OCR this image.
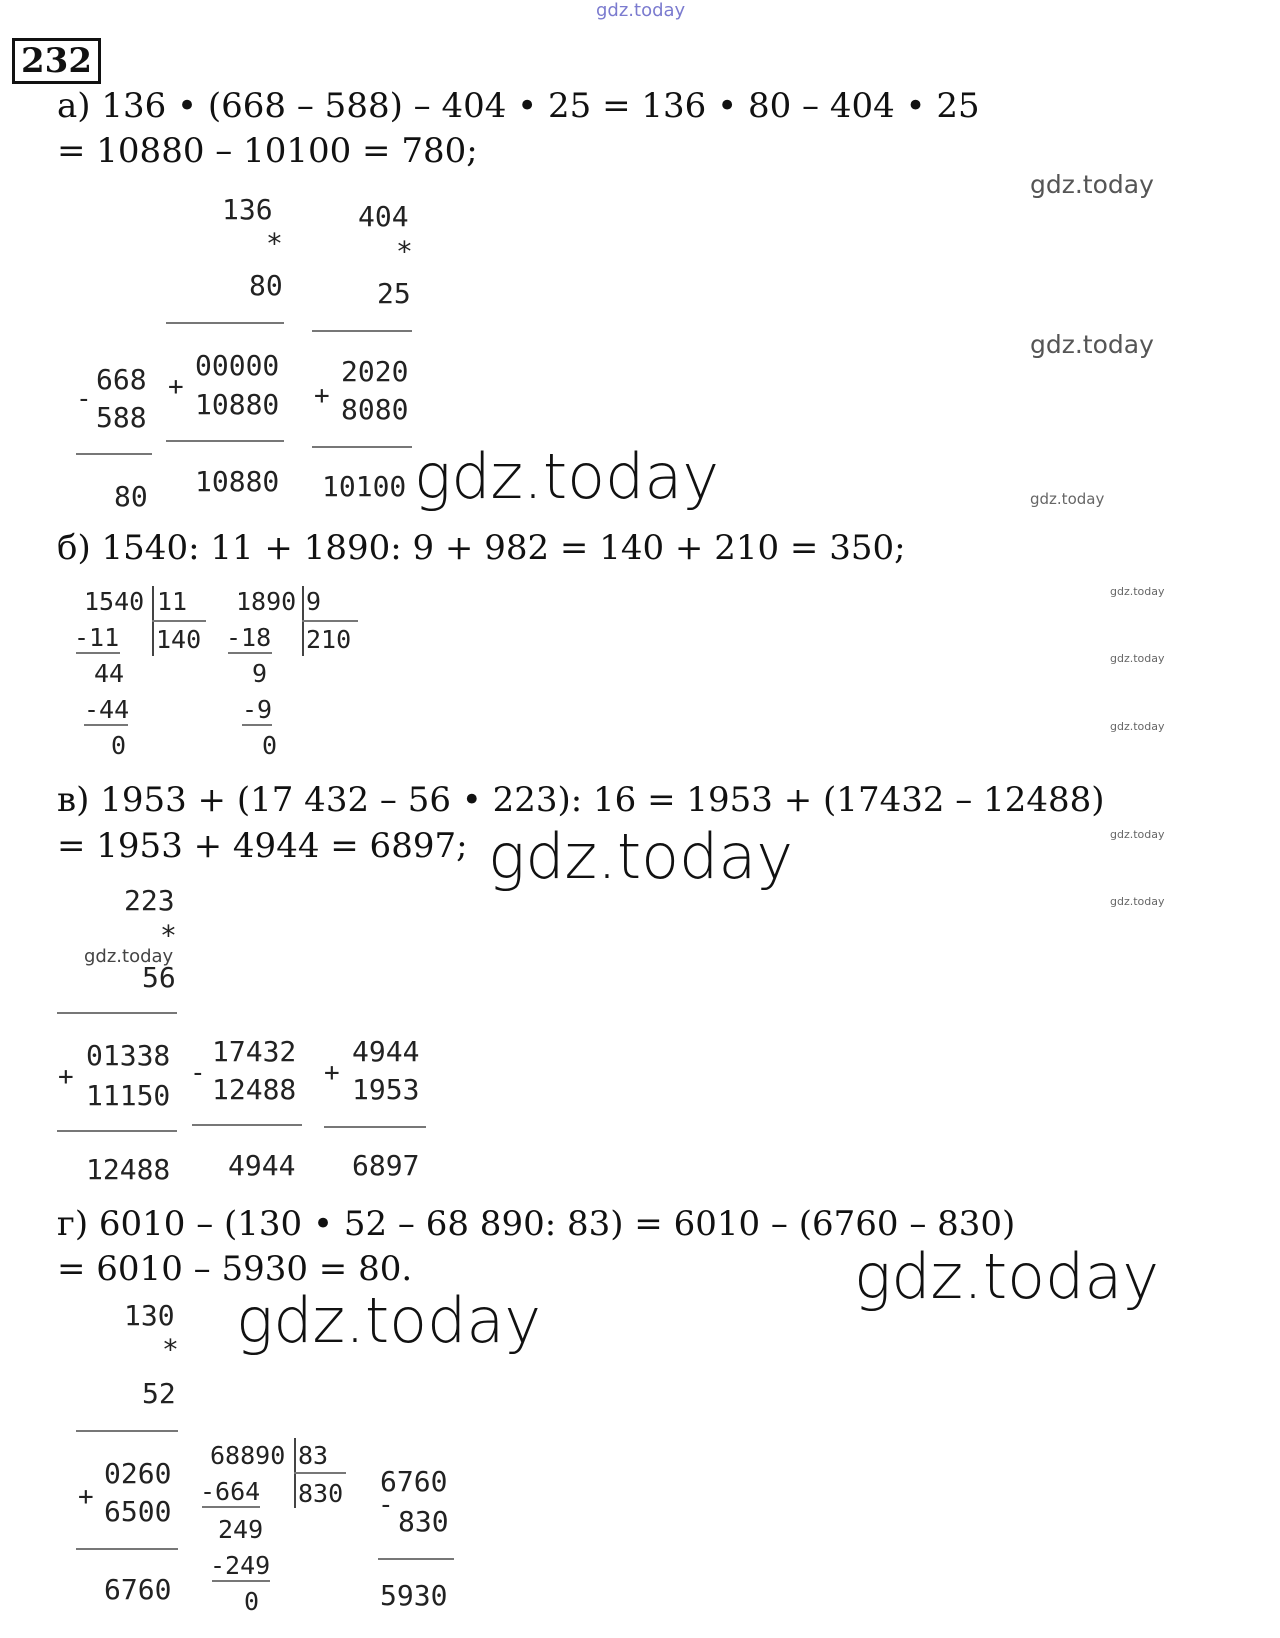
gdz.today
232
а) 136 • (668 – 588) – 404 • 25 = 136 • 80 – 404 • 25
= 10880 – 10100 = 780;
136
*
80
+
00000
10880
10880
404
*
25
+
2020
8080
10100
-
668
588
80	gdz.today
gdz.today
gdz.today
gdz.today
б) 1540: 11 + 1890: 9 + 982 = 140 + 210 = 350;
1540 11
140
-11
44
-44
0
1890 9
210
-18
9
-9
0
gdz.today
gdz.today
gdz.today
в) 1953 + (17 432 – 56 • 223): 16 = 1953 + (17432 – 12488)
= 1953 + 4944 = 6897; gdz.today	gdz.today
gdz.today
223
*
gdz.today
56
+
01338
11150
12488
-
17432
12488
4944
+
4944
1953
6897
г) 6010 – (130 • 52 – 68 890: 83) = 6010 – (6760 – 830)
= 6010 – 5930 = 80.	gdz.today
gdz.today
130
*
52
+
0260
6500
6760
68890 83
830
-664
249
-249
0
-
6760
830
5930
